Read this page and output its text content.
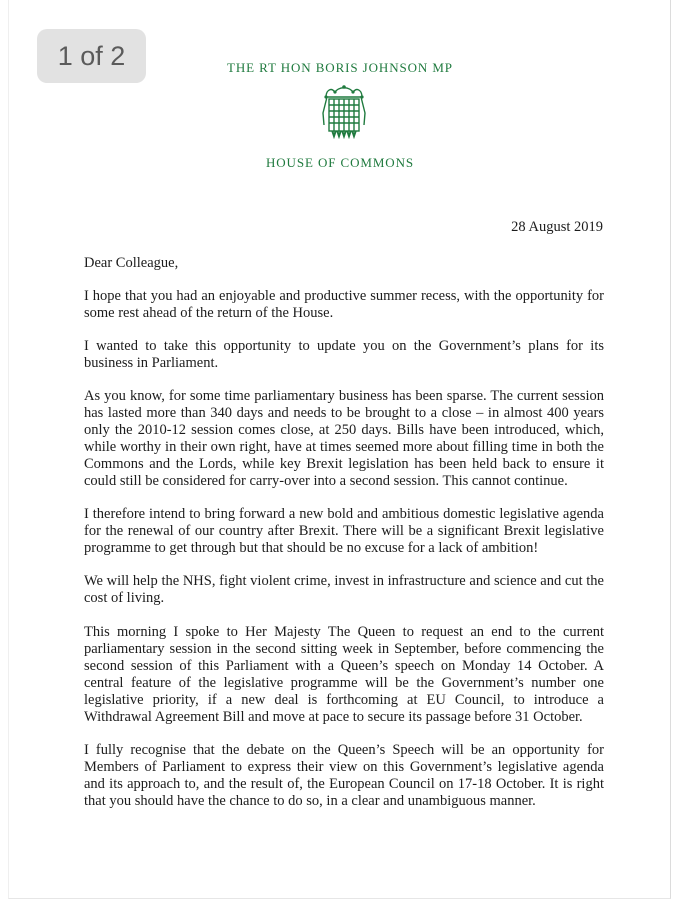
1 of 2	THE RT HON BORIS JOHNSON MP
HOUSE OF COMMONS
28 August 2019
Dear Colleague,

I hope that you had an enjoyable and productive summer recess, with the opportunity for some rest ahead of the return of the House.

I wanted to take this opportunity to update you on the Government’s plans for its business in Parliament.

As you know, for some time parliamentary business has been sparse. The current session has lasted more than 340 days and needs to be brought to a close – in almost 400 years only the 2010-12 session comes close, at 250 days. Bills have been introduced, which, while worthy in their own right, have at times seemed more about filling time in both the Commons and the Lords, while key Brexit legislation has been held back to ensure it could still be considered for carry-over into a second session. This cannot continue.

I therefore intend to bring forward a new bold and ambitious domestic legislative agenda for the renewal of our country after Brexit. There will be a significant Brexit legislative programme to get through but that should be no excuse for a lack of ambition!

We will help the NHS, fight violent crime, invest in infrastructure and science and cut the cost of living.

This morning I spoke to Her Majesty The Queen to request an end to the current parliamentary session in the second sitting week in September, before commencing the second session of this Parliament with a Queen’s speech on Monday 14 October. A central feature of the legislative programme will be the Government’s number one legislative priority, if a new deal is forthcoming at EU Council, to introduce a Withdrawal Agreement Bill and move at pace to secure its passage before 31 October.

I fully recognise that the debate on the Queen’s Speech will be an opportunity for Members of Parliament to express their view on this Government’s legislative agenda and its approach to, and the result of, the European Council on 17-18 October. It is right that you should have the chance to do so, in a clear and unambiguous manner.
